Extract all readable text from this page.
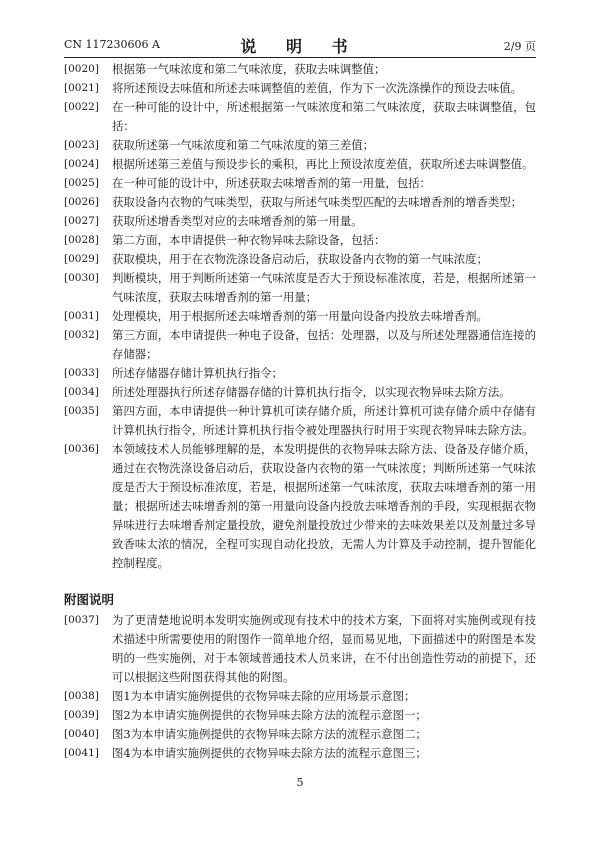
CN 117230606 A	说 明 书	2/9 页
[0020]	根据第一气味浓度和第二气味浓度，获取去味调整值；
[0021]	将所述预设去味值和所述去味调整值的差值，作为下一次洗涤操作的预设去味值。
[0022]	在一种可能的设计中，所述根据第一气味浓度和第二气味浓度，获取去味调整值，包括：
[0023]	获取所述第一气味浓度和第二气味浓度的第三差值；
[0024]	根据所述第三差值与预设步长的乘积，再比上预设浓度差值，获取所述去味调整值。
[0025]	在一种可能的设计中，所述获取去味增香剂的第一用量，包括：
[0026]	获取设备内衣物的气味类型，获取与所述气味类型匹配的去味增香剂的增香类型；
[0027]	获取所述增香类型对应的去味增香剂的第一用量。
[0028]	第二方面，本申请提供一种衣物异味去除设备，包括：
[0029]	获取模块，用于在衣物洗涤设备启动后，获取设备内衣物的第一气味浓度；
[0030]	判断模块，用于判断所述第一气味浓度是否大于预设标准浓度，若是，根据所述第一气味浓度，获取去味增香剂的第一用量；
[0031]	处理模块，用于根据所述去味增香剂的第一用量向设备内投放去味增香剂。
[0032]	第三方面，本申请提供一种电子设备，包括：处理器，以及与所述处理器通信连接的存储器；
[0033]	所述存储器存储计算机执行指令；
[0034]	所述处理器执行所述存储器存储的计算机执行指令，以实现衣物异味去除方法。
[0035]	第四方面，本申请提供一种计算机可读存储介质，所述计算机可读存储介质中存储有计算机执行指令，所述计算机执行指令被处理器执行时用于实现衣物异味去除方法。
[0036]	本领域技术人员能够理解的是，本发明提供的衣物异味去除方法、设备及存储介质，通过在衣物洗涤设备启动后，获取设备内衣物的第一气味浓度；判断所述第一气味浓度是否大于预设标准浓度，若是，根据所述第一气味浓度，获取去味增香剂的第一用量；根据所述去味增香剂的第一用量向设备内投放去味增香剂的手段，实现根据衣物异味进行去味增香剂定量投放，避免剂量投放过少带来的去味效果差以及剂量过多导致香味太浓的情况，全程可实现自动化投放，无需人为计算及手动控制，提升智能化控制程度。
附图说明
[0037]	为了更清楚地说明本发明实施例或现有技术中的技术方案，下面将对实施例或现有技术描述中所需要使用的附图作一简单地介绍，显而易见地，下面描述中的附图是本发明的一些实施例，对于本领域普通技术人员来讲，在不付出创造性劳动的前提下，还可以根据这些附图获得其他的附图。
[0038]	图1为本申请实施例提供的衣物异味去除的应用场景示意图；
[0039]	图2为本申请实施例提供的衣物异味去除方法的流程示意图一；
[0040]	图3为本申请实施例提供的衣物异味去除方法的流程示意图二；
[0041]	图4为本申请实施例提供的衣物异味去除方法的流程示意图三；
5
